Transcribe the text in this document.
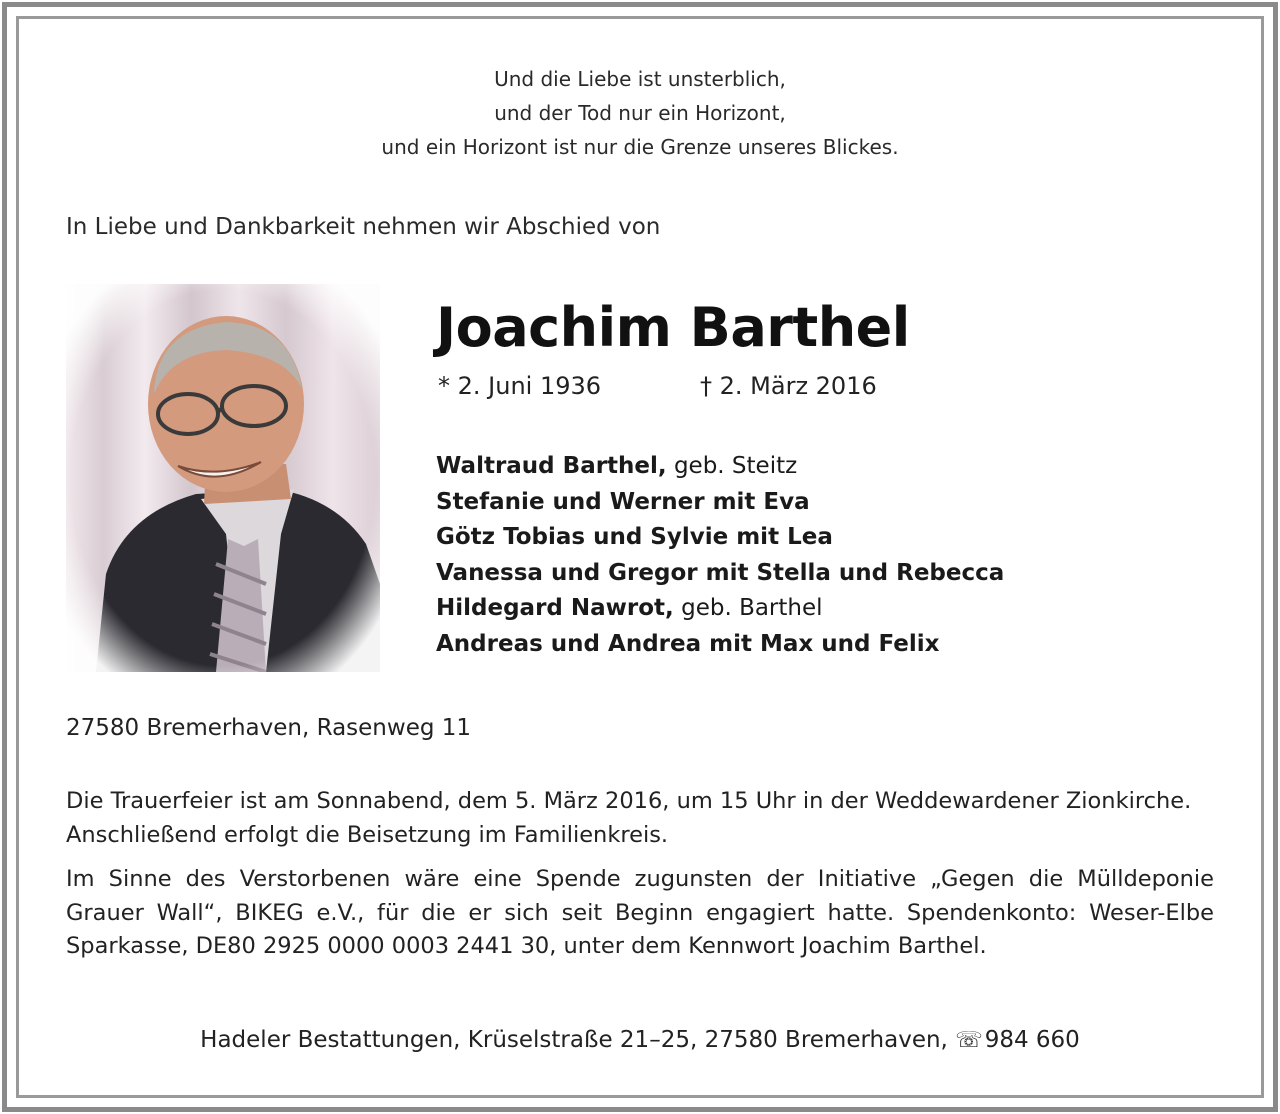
Und die Liebe ist unsterblich,
und der Tod nur ein Horizont,
und ein Horizont ist nur die Grenze unseres Blickes.
In Liebe und Dankbarkeit nehmen wir Abschied von
Joachim Barthel
* 2. Juni 1936	† 2. März 2016
Waltraud Barthel, geb. Steitz
Stefanie und Werner mit Eva
Götz Tobias und Sylvie mit Lea
Vanessa und Gregor mit Stella und Rebecca
Hildegard Nawrot, geb. Barthel
Andreas und Andrea mit Max und Felix
27580 Bremerhaven, Rasenweg 11
Die Trauerfeier ist am Sonnabend, dem 5. März 2016, um 15 Uhr in der Weddewardener Zionkirche. Anschließend erfolgt die Beisetzung im Familienkreis.
Im Sinne des Verstorbenen wäre eine Spende zugunsten der Initiative „Gegen die Mülldeponie Grauer Wall“, BIKEG e.V., für die er sich seit Beginn engagiert hatte. Spendenkonto: Weser-Elbe Sparkasse, DE80 2925 0000 0003 2441 30, unter dem Kennwort Joachim Barthel.
Hadeler Bestattungen, Krüselstraße 21–25, 27580 Bremerhaven, ☏984 660
